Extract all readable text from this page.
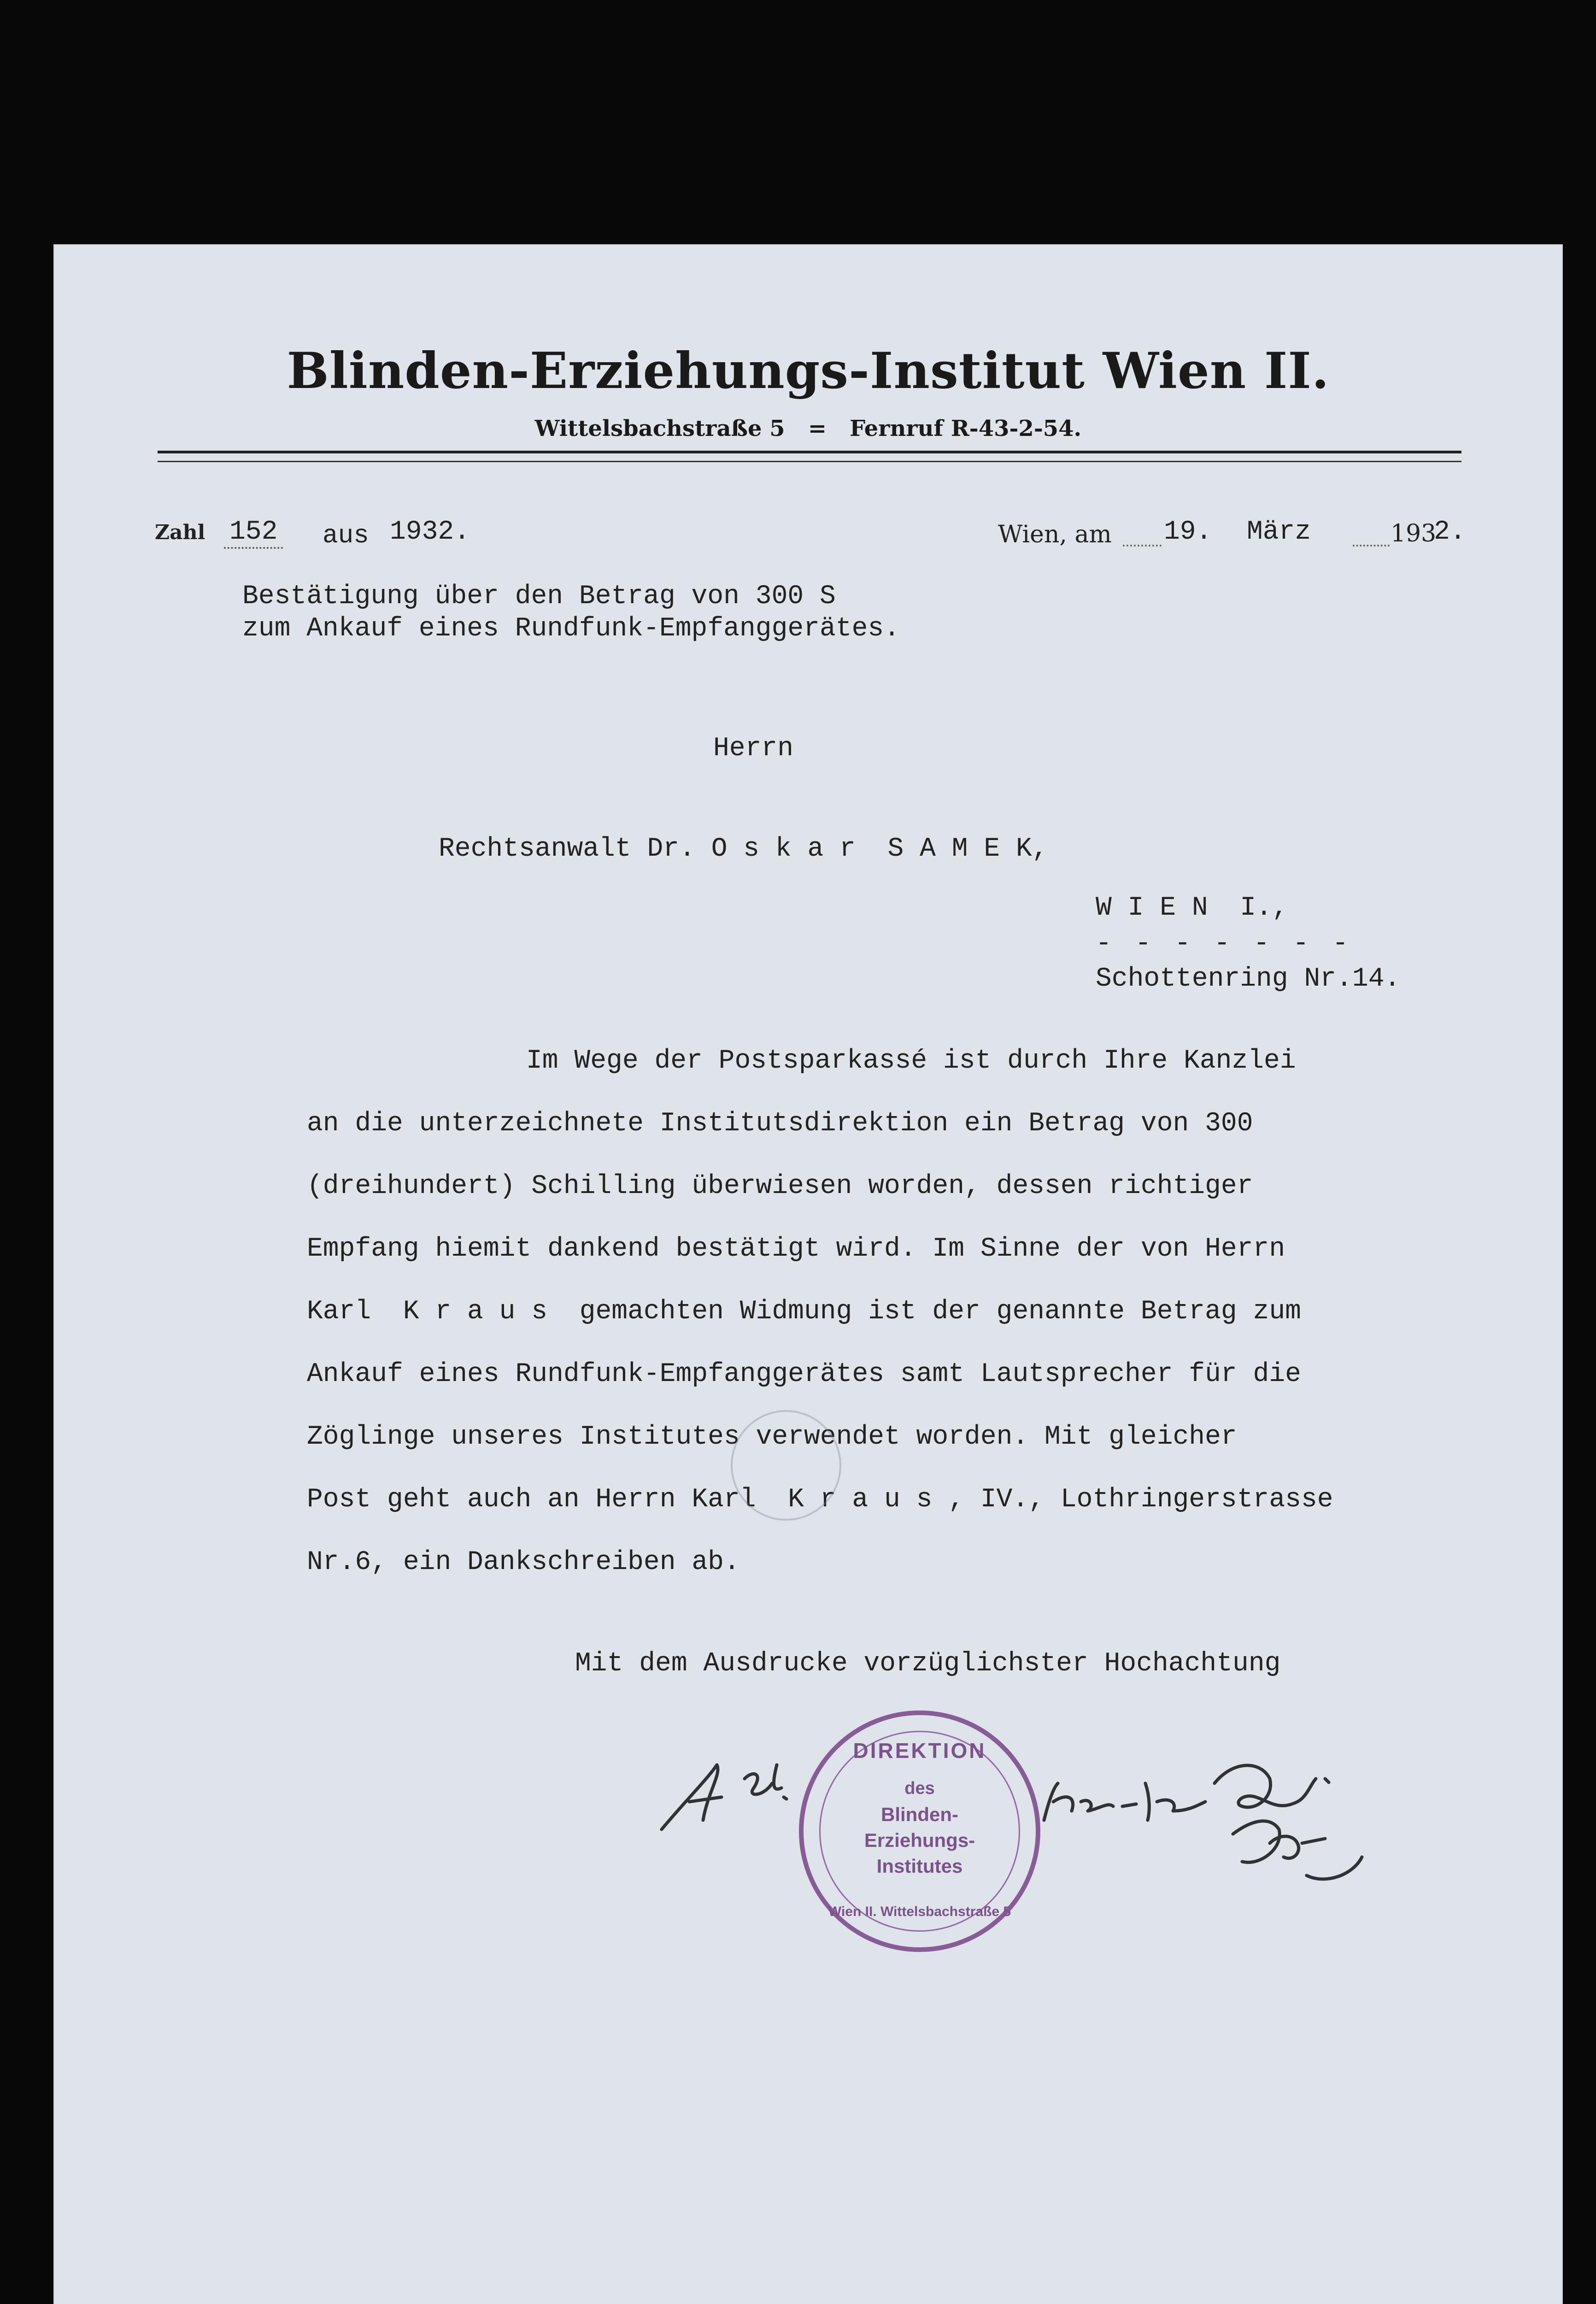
Blinden-Erziehungs-Institut Wien II.
Wittelsbachstraße 5   =   Fernruf R-43-2-54.
Zahl 152 aus 1932.	Wien, am 19. März	193
2.
Bestätigung über den Betrag von 300 S
zum Ankauf eines Rundfunk-Empfanggerätes.
Herrn
Rechtsanwalt Dr. O s k a r  S A M E K,
W I E N  I.,
- - - - - - -
Schottenring Nr.14.
Im Wege der Postsparkassé ist durch Ihre Kanzlei
an die unterzeichnete Institutsdirektion ein Betrag von 300
(dreihundert) Schilling überwiesen worden, dessen richtiger
Empfang hiemit dankend bestätigt wird. Im Sinne der von Herrn
Karl  K r a u s  gemachten Widmung ist der genannte Betrag zum
Ankauf eines Rundfunk-Empfanggerätes samt Lautsprecher für die
Zöglinge unseres Institutes verwendet worden. Mit gleicher
Post geht auch an Herrn Karl  K r a u s , IV., Lothringerstrasse
Nr.6, ein Dankschreiben ab.
Mit dem Ausdrucke vorzüglichster Hochachtung
DIREKTION
des
Blinden-
Erziehungs-
Institutes
Wien II. Wittelsbachstraße 5
